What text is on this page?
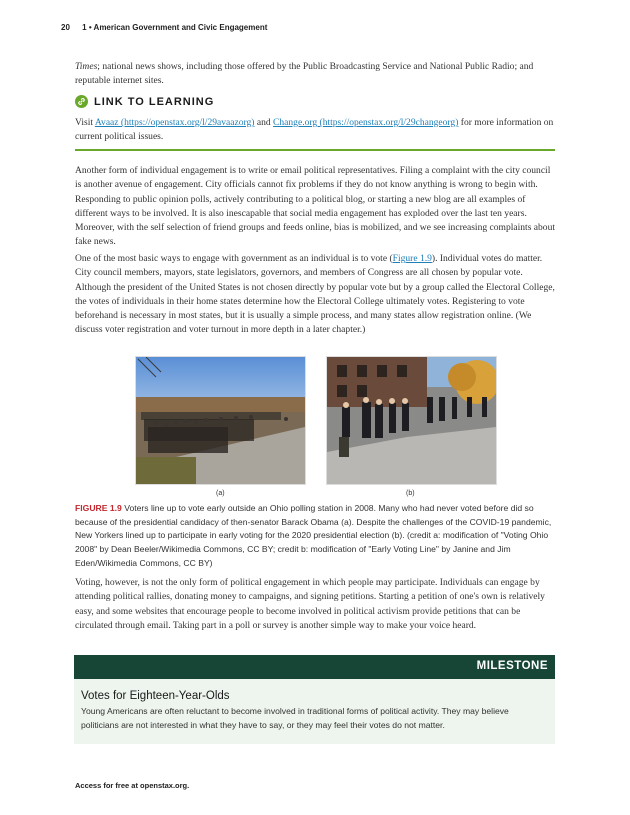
20 1 • American Government and Civic Engagement

Times; national news shows, including those offered by the Public Broadcasting Service and National Public Radio; and reputable internet sites.

LINK TO LEARNING

Visit Avaaz (https://openstax.org/l/29avaazorg) and Change.org (https://openstax.org/l/29changeorg) for more information on current political issues.

Another form of individual engagement is to write or email political representatives. Filing a complaint with the city council is another avenue of engagement. City officials cannot fix problems if they do not know anything is wrong to begin with. Responding to public opinion polls, actively contributing to a political blog, or starting a new blog are all examples of different ways to be involved. It is also inescapable that social media engagement has exploded over the last ten years. Moreover, with the self selection of friend groups and feeds online, bias is mobilized, and we see increasing complaints about fake news.

One of the most basic ways to engage with government as an individual is to vote (Figure 1.9). Individual votes do matter. City council members, mayors, state legislators, governors, and members of Congress are all chosen by popular vote. Although the president of the United States is not chosen directly by popular vote but by a group called the Electoral College, the votes of individuals in their home states determine how the Electoral College ultimately votes. Registering to vote beforehand is necessary in most states, but it is usually a simple process, and many states allow registration online. (We discuss voter registration and voter turnout in more depth in a later chapter.)

(a)	(b)
FIGURE 1.9 Voters line up to vote early outside an Ohio polling station in 2008. Many who had never voted before did so because of the presidential candidacy of then-senator Barack Obama (a). Despite the challenges of the COVID-19 pandemic, New Yorkers lined up to participate in early voting for the 2020 presidential election (b). (credit a: modification of "Voting Ohio 2008" by Dean Beeler/Wikimedia Commons, CC BY; credit b: modification of "Early Voting Line" by Janine and Jim Eden/Wikimedia Commons, CC BY)

Voting, however, is not the only form of political engagement in which people may participate. Individuals can engage by attending political rallies, donating money to campaigns, and signing petitions. Starting a petition of one's own is relatively easy, and some websites that encourage people to become involved in political activism provide petitions that can be circulated through email. Taking part in a poll or survey is another simple way to make your voice heard.

MILESTONE
Votes for Eighteen-Year-Olds
Young Americans are often reluctant to become involved in traditional forms of political activity. They may believe politicians are not interested in what they have to say, or they may feel their votes do not matter.
Access for free at openstax.org.
